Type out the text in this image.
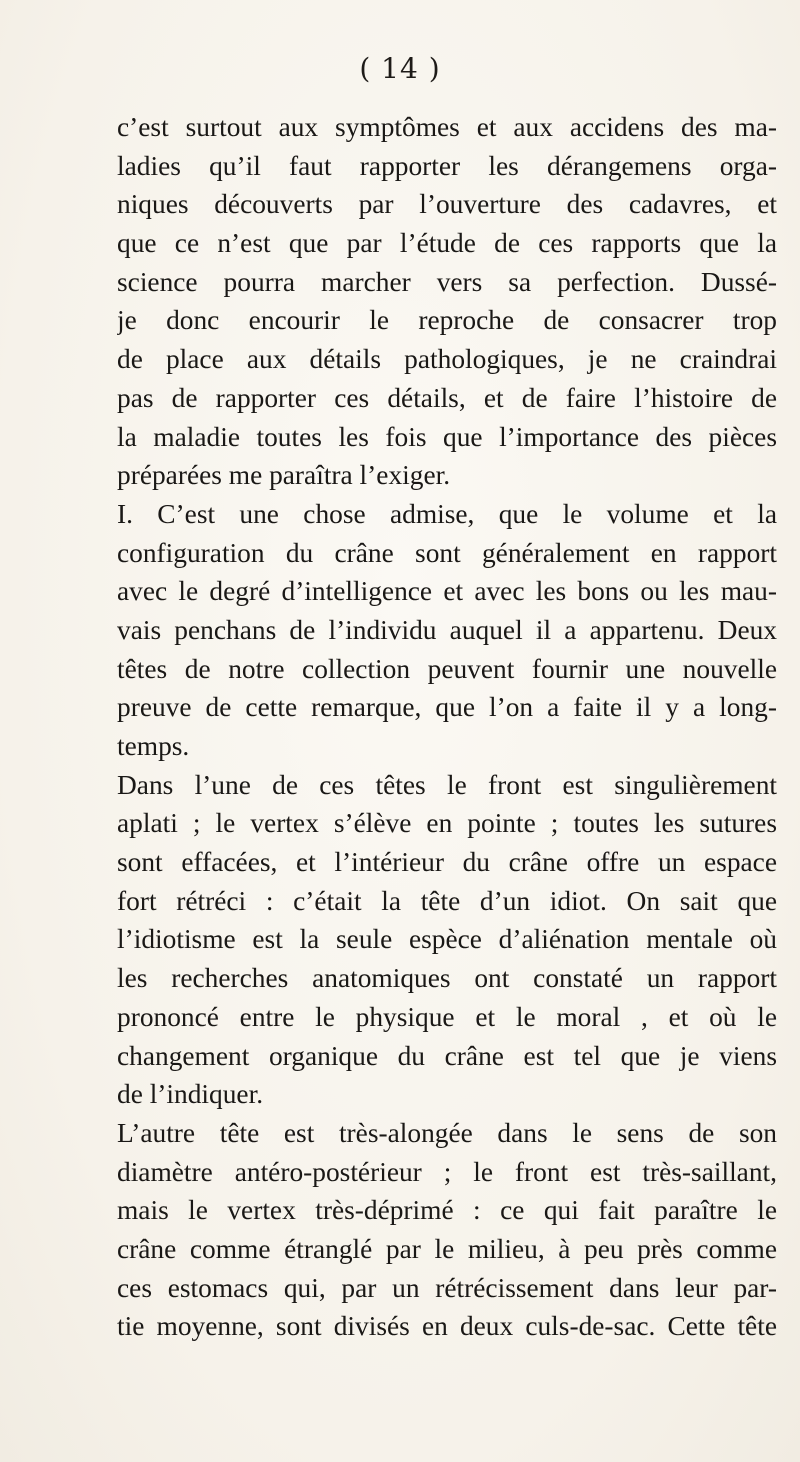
( 14 )
c’est surtout aux symptômes et aux accidens des ma-
ladies qu’il faut rapporter les dérangemens orga-
niques découverts par l’ouverture des cadavres, et
que ce n’est que par l’étude de ces rapports que la
science pourra marcher vers sa perfection. Dussé-
je donc encourir le reproche de consacrer trop
de place aux détails pathologiques, je ne craindrai
pas de rapporter ces détails, et de faire l’histoire de
la maladie toutes les fois que l’importance des pièces
préparées me paraîtra l’exiger.
I. C’est une chose admise, que le volume et la
configuration du crâne sont généralement en rapport
avec le degré d’intelligence et avec les bons ou les mau-
vais penchans de l’individu auquel il a appartenu. Deux
têtes de notre collection peuvent fournir une nouvelle
preuve de cette remarque, que l’on a faite il y a long-
temps.
Dans l’une de ces têtes le front est singulièrement
aplati ; le vertex s’élève en pointe ; toutes les sutures
sont effacées, et l’intérieur du crâne offre un espace
fort rétréci : c’était la tête d’un idiot. On sait que
l’idiotisme est la seule espèce d’aliénation mentale où
les recherches anatomiques ont constaté un rapport
prononcé entre le physique et le moral , et où le
changement organique du crâne est tel que je viens
de l’indiquer.
L’autre tête est très-alongée dans le sens de son
diamètre antéro-postérieur ; le front est très-saillant,
mais le vertex très-déprimé : ce qui fait paraître le
crâne comme étranglé par le milieu, à peu près comme
ces estomacs qui, par un rétrécissement dans leur par-
tie moyenne, sont divisés en deux culs-de-sac. Cette tête
